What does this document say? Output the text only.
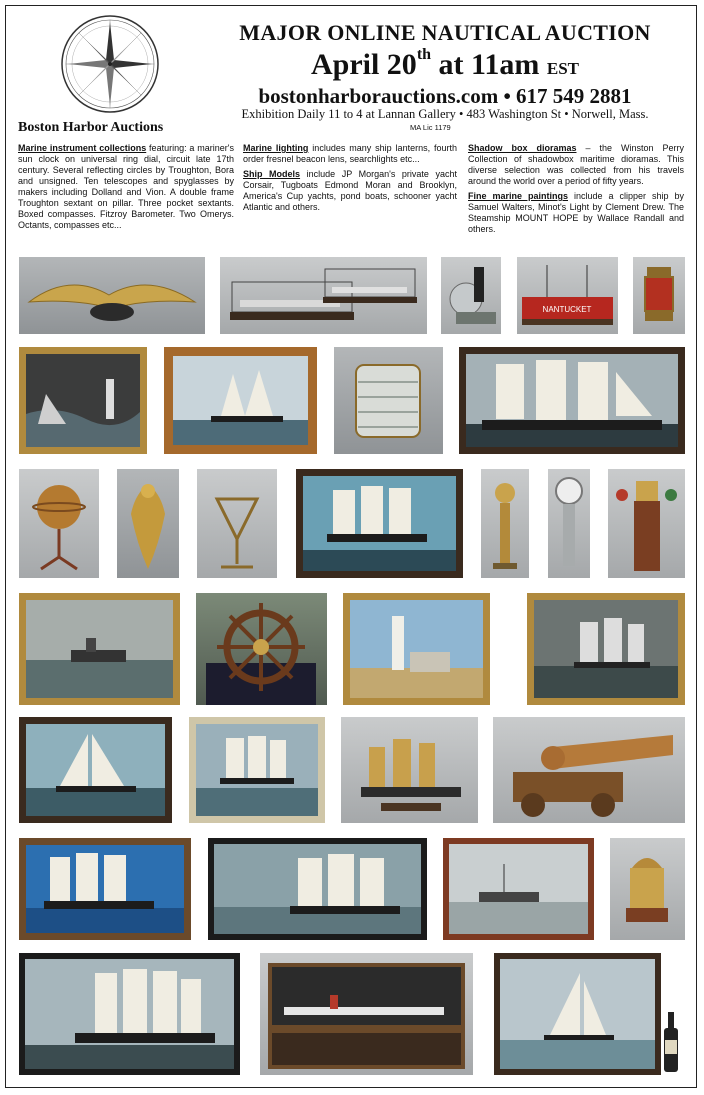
Boston Harbor Auctions
MAJOR ONLINE NAUTICAL AUCTION
April 20th at 11am EST
bostonharborauctions.com • 617 549 2881
Exhibition Daily 11 to 4 at Lannan Gallery • 483 Washington St • Norwell, Mass.
MA Lic 1179

Marine instrument collections featuring: a mariner's sun clock on universal ring dial, circuit late 17th century. Several reflecting circles by Troughton, Bora and unsigned. Ten telescopes and spyglasses by makers including Dolland and Vion. A double frame Troughton sextant on pillar. Three pocket sextants. Boxed compasses. Fitzroy Barometer. Two Omerys. Octants, compasses etc...

Marine lighting includes many ship lanterns, fourth order fresnel beacon lens, searchlights etc...

Ship Models include JP Morgan's private yacht Corsair, Tugboats Edmond Moran and Brooklyn, America's Cup yachts, pond boats, schooner yacht Atlantic and others.

Shadow box dioramas – the Winston Perry Collection of shadowbox maritime dioramas. This diverse selection was collected from his travels around the world over a period of fifty years.

Fine marine paintings include a clipper ship by Samuel Walters, Minot's Light by Clement Drew. The Steamship MOUNT HOPE by Wallace Randall and others.

NANTUCKET
